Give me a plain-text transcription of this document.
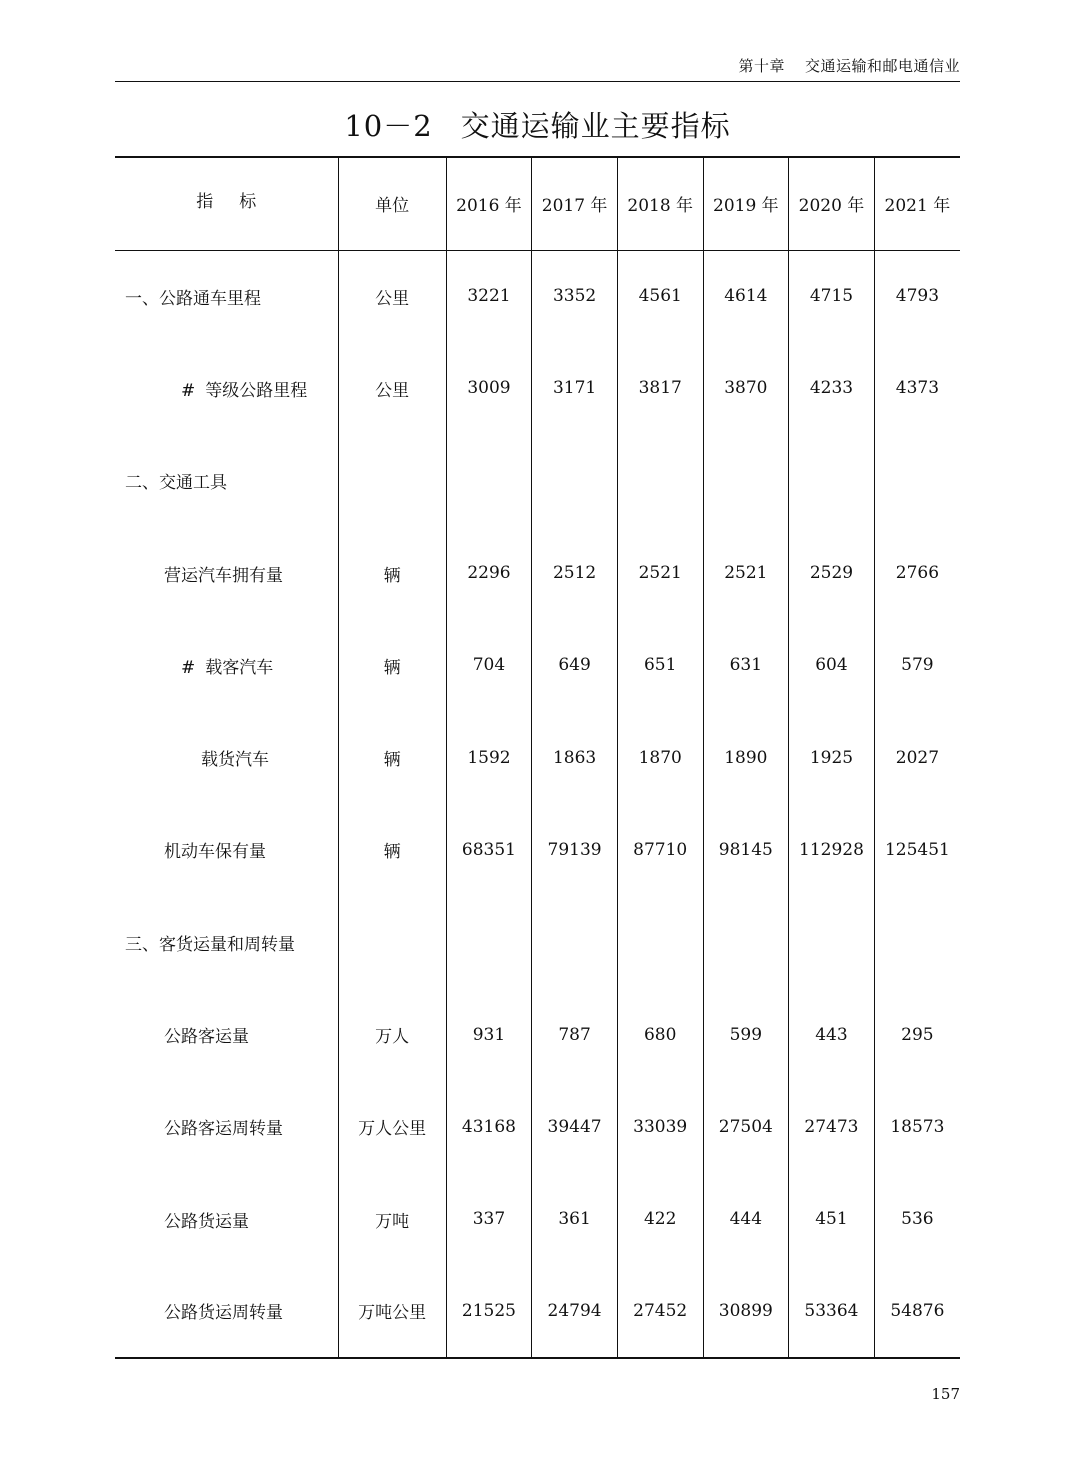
第十章 交通运输和邮电通信业
10－2 交通运输业主要指标
指标	单位	2016 年	2017 年	2018 年	2019 年	2020 年	2021 年
一、公路通车里程	公里	3221	3352	4561	4614	4715	4793
# 等级公路里程	公里	3009	3171	3817	3870	4233	4373
二、交通工具							
营运汽车拥有量	辆	2296	2512	2521	2521	2529	2766
# 载客汽车	辆	704	649	651	631	604	579
载货汽车	辆	1592	1863	1870	1890	1925	2027
机动车保有量	辆	68351	79139	87710	98145	112928	125451
三、客货运量和周转量							
公路客运量	万人	931	787	680	599	443	295
公路客运周转量	万人公里	43168	39447	33039	27504	27473	18573
公路货运量	万吨	337	361	422	444	451	536
公路货运周转量	万吨公里	21525	24794	27452	30899	53364	54876
157
